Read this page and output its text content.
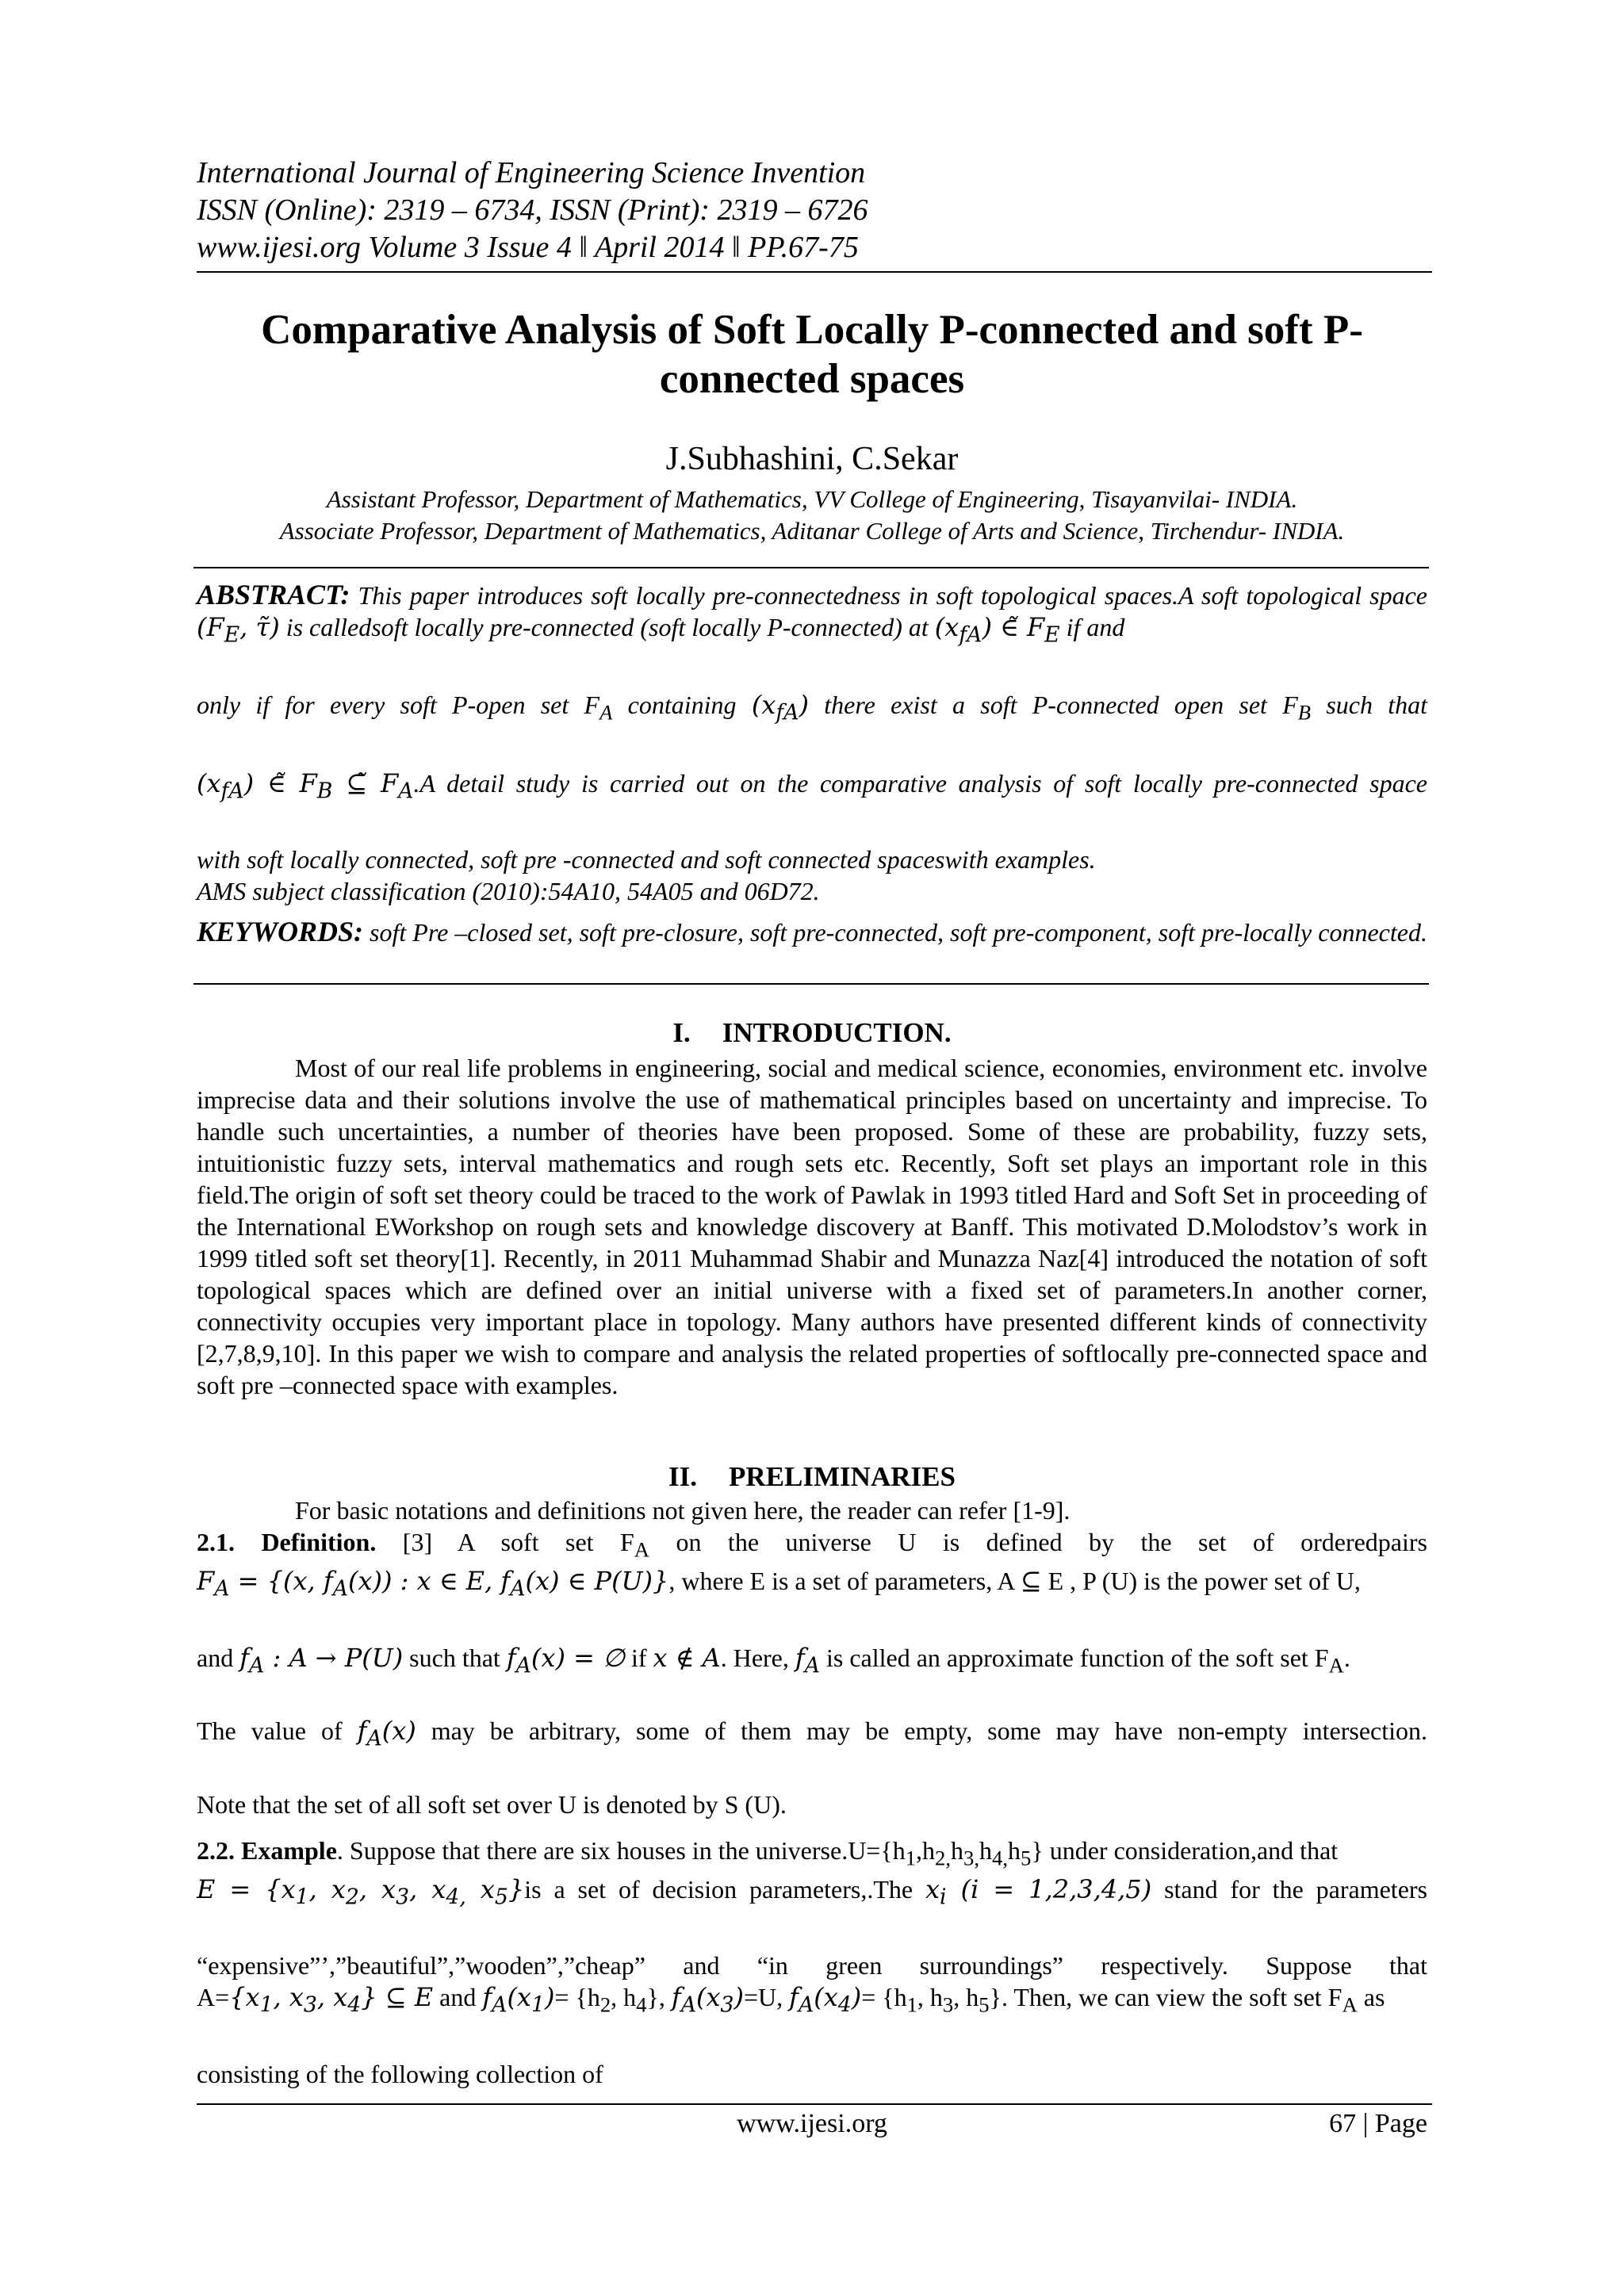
International Journal of Engineering Science Invention
ISSN (Online): 2319 – 6734, ISSN (Print): 2319 – 6726
www.ijesi.org Volume 3 Issue 4 ǁ April 2014 ǁ PP.67-75
Comparative Analysis of Soft Locally P-connected and soft P-connected spaces
J.Subhashini, C.Sekar
Assistant Professor, Department of Mathematics, VV College of Engineering, Tisayanvilai- INDIA.
Associate Professor, Department of Mathematics, Aditanar College of Arts and Science, Tirchendur- INDIA.

ABSTRACT: This paper introduces soft locally pre-connectedness in soft topological spaces.A soft topological space ($F_E$, τ̃) is calledsoft locally pre-connected (soft locally P-connected) at $(x_{fA})$ ∈̃ $F_E$ if and

only if for every soft P-open set $F_A$ containing $(x_{fA})$ there exist a soft P-connected open set $F_B$ such that

$(x_{fA})$ ∈̃ $F_B$ ⊆̃ $F_A.A$ detail study is carried out on the comparative analysis of soft locally pre-connected space

with soft locally connected, soft pre -connected and soft connected spaceswith examples.

AMS subject classification (2010):54A10, 54A05 and 06D72.

KEYWORDS: soft Pre –closed set, soft pre-closure, soft pre-connected, soft pre-component, soft pre-locally connected.
I. INTRODUCTION.

Most of our real life problems in engineering, social and medical science, economies, environment etc. involve imprecise data and their solutions involve the use of mathematical principles based on uncertainty and imprecise. To handle such uncertainties, a number of theories have been proposed. Some of these are probability, fuzzy sets, intuitionistic fuzzy sets, interval mathematics and rough sets etc. Recently, Soft set plays an important role in this field.The origin of soft set theory could be traced to the work of Pawlak in 1993 titled Hard and Soft Set in proceeding of the International EWorkshop on rough sets and knowledge discovery at Banff. This motivated D.Molodstov’s work in 1999 titled soft set theory[1]. Recently, in 2011 Muhammad Shabir and Munazza Naz[4] introduced the notation of soft topological spaces which are defined over an initial universe with a fixed set of parameters.In another corner, connectivity occupies very important place in topology. Many authors have presented different kinds of connectivity [2,7,8,9,10]. In this paper we wish to compare and analysis the related properties of softlocally pre-connected space and soft pre –connected space with examples.

II. PRELIMINARIES

For basic notations and definitions not given here, the reader can refer [1-9].

2.1. Definition. [3] A soft set $F_A$ on the universe U is defined by the set of orderedpairs

$F_A = \{(x$, $f_A(x)$) : x ∈ E, $f_A(x)$ ∈ P(U)}, where E is a set of parameters, A ⊆ E , P (U) is the power set of U,

and $f_A$ : A → P(U) such that $f_A(x)$ = ∅ if x ∉ A. Here, $f_A$ is called an approximate function of the soft set $F_A$.

The value of $f_A(x)$ may be arbitrary, some of them may be empty, some may have non-empty intersection.

Note that the set of all soft set over U is denoted by S (U).

2.2. Example. Suppose that there are six houses in the $universe.U=\{h_1,h_{2,}h_{3,}h_{4,}h_5\}$ under consideration,and that

$E = \{x_1$, $x_2$, $x_3$, $x_{4,}$ $x_5\}is$ a set of decision parameters,.The $x_i$ (i = 1,2,3,4,5) stand for the parameters

“expensive”’,”beautiful”,”wooden”,”cheap” and “in green surroundings” respectively. Suppose that

$A=\{x_1$, $x_3$, $x_4$} ⊆ E and $f_A(x_1)= \{h_2$, $h_4$}, $f_A(x_3)=U$, $f_A(x_4)= \{h_1$, $h_3$, $h_5$}. Then, we can view the soft set $F_A$ as

consisting of the following collection of

www.ijesi.org	67 | Page
